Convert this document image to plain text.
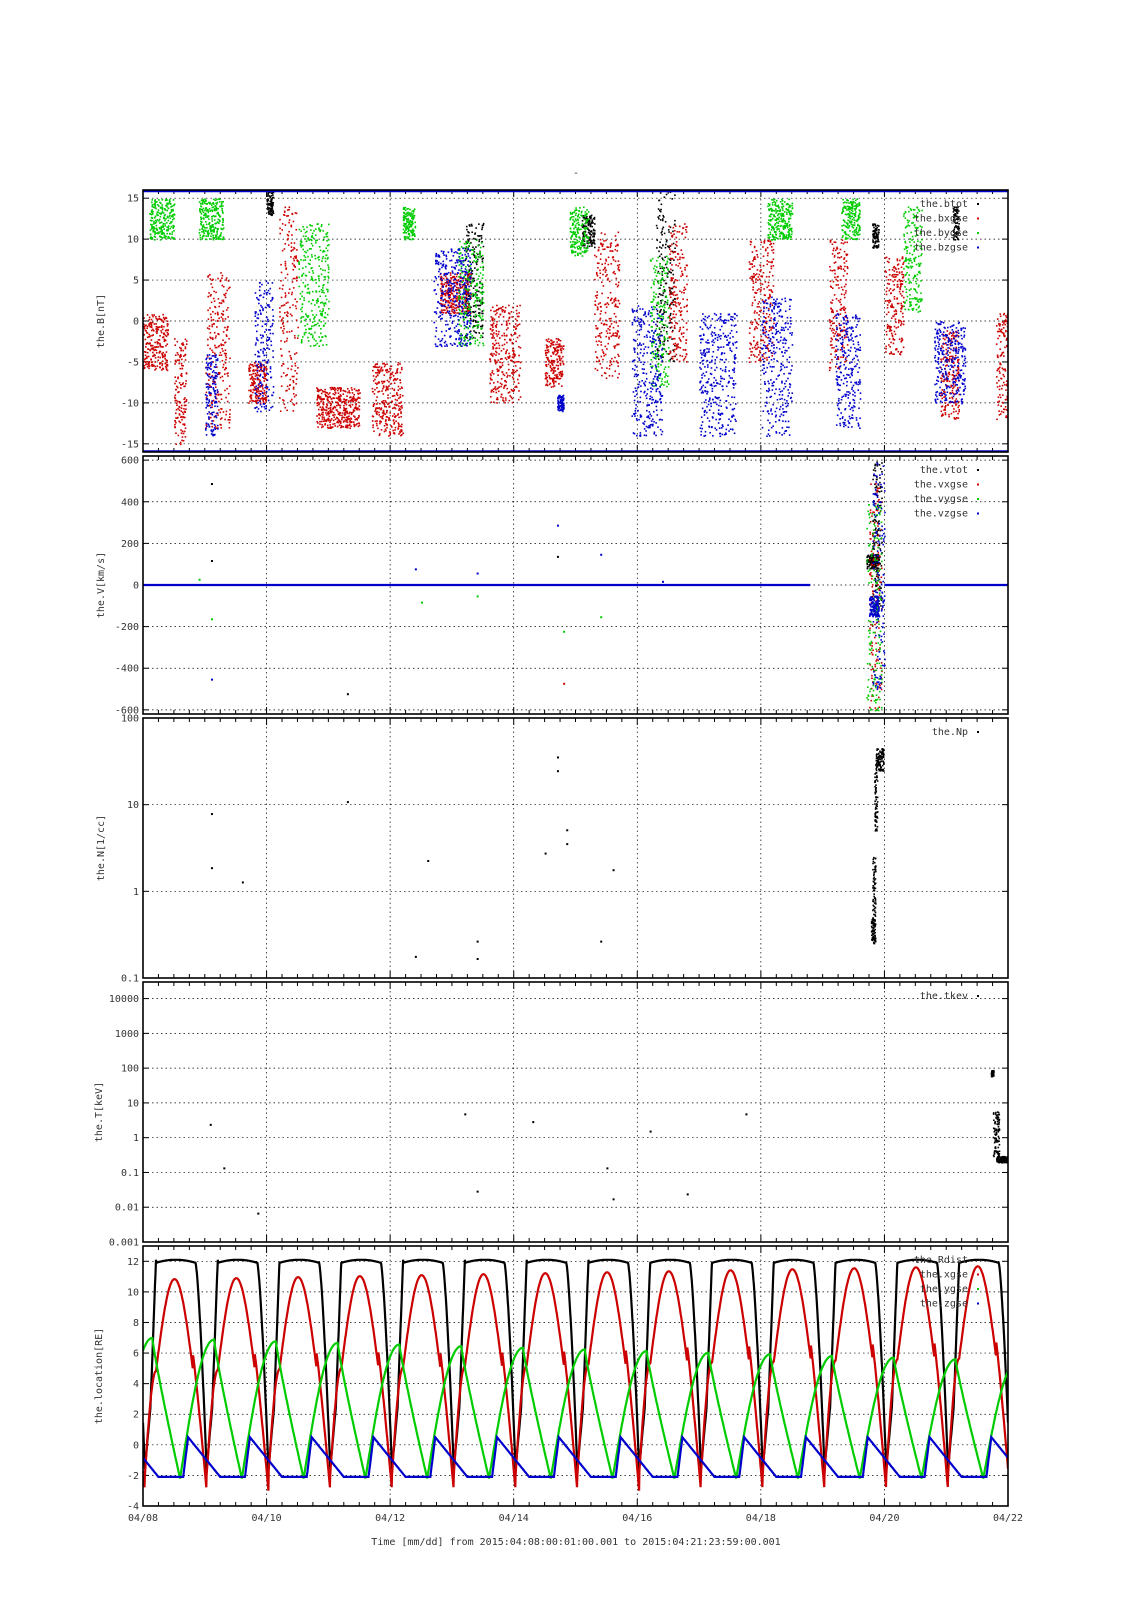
-
15
10
5
0
-5
-10
-15
the.B[nT]
the.btot
the.bxgse
the.bygse
the.bzgse
600
400
200
0
-200
-400
-600
the.V[km/s]
the.vtot
the.vxgse
the.vygse
the.vzgse
100
10
1
0.1
the.N[1/cc]
the.Np
10000
1000
100
10
1
0.1
0.01
0.001
the.T[keV]
the.tkev
12
10
8
6
4
2
0
-2
-4
the.location[RE]
the.Rdist
the.xgse
the.ygse
the.zgse
04/08	04/10	04/12	04/14	04/16	04/18	04/20	04/22
Time [mm/dd] from 2015:04:08:00:01:00.001 to 2015:04:21:23:59:00.001
